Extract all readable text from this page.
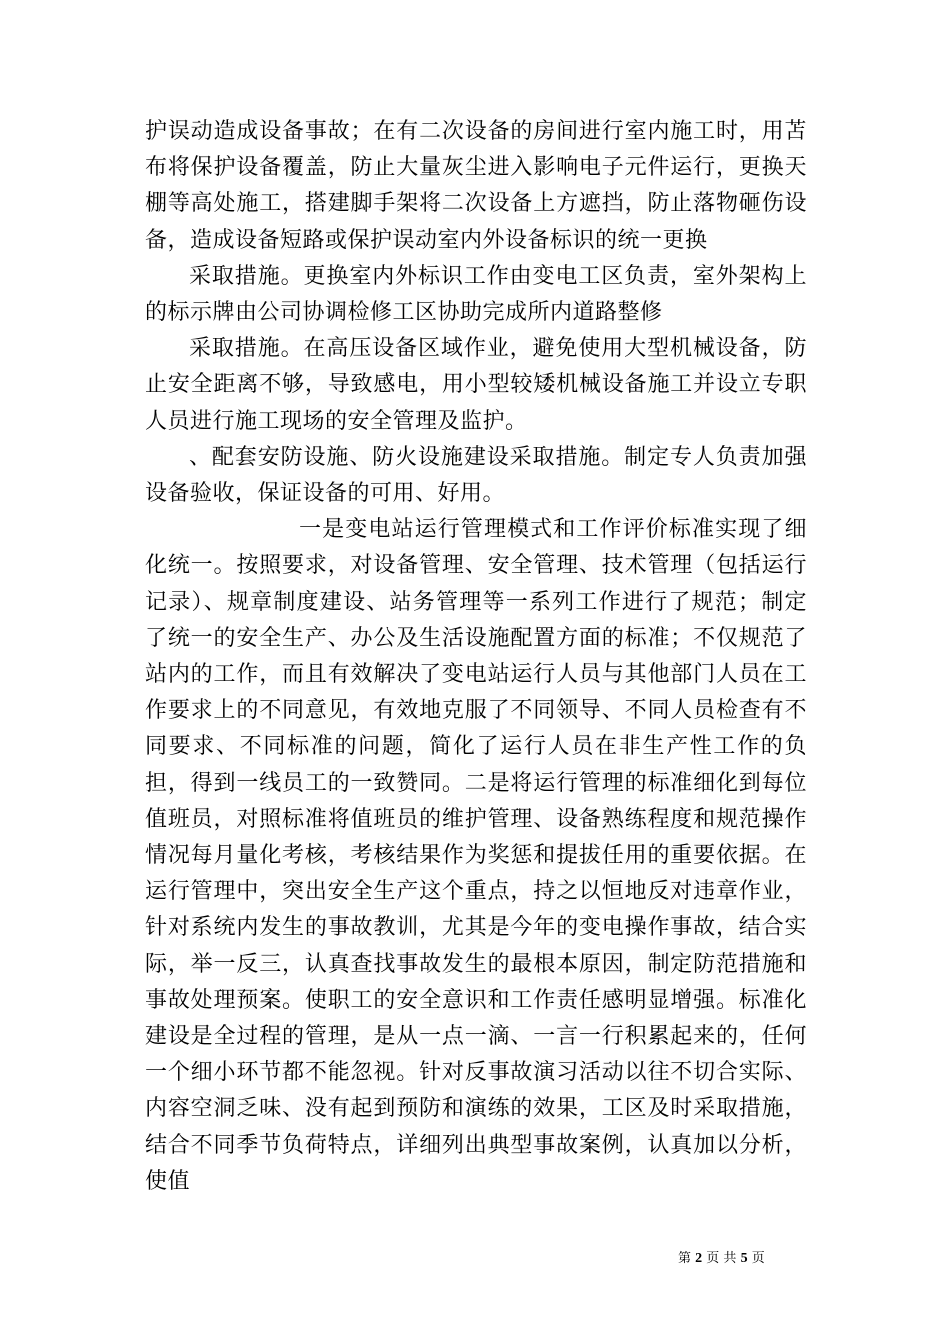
护误动造成设备事故；在有二次设备的房间进行室内施工时，用苫布将保护设备覆盖，防止大量灰尘进入影响电子元件运行，更换天棚等高处施工，搭建脚手架将二次设备上方遮挡，防止落物砸伤设备，造成设备短路或保护误动室内外设备标识的统一更换

采取措施。更换室内外标识工作由变电工区负责，室外架构上的标示牌由公司协调检修工区协助完成所内道路整修

采取措施。在高压设备区域作业，避免使用大型机械设备，防止安全距离不够，导致感电，用小型较矮机械设备施工并设立专职人员进行施工现场的安全管理及监护。

、配套安防设施、防火设施建设采取措施。制定专人负责加强设备验收，保证设备的可用、好用。

一是变电站运行管理模式和工作评价标准实现了细化统一。按照要求，对设备管理、安全管理、技术管理（包括运行记录）、规章制度建设、站务管理等一系列工作进行了规范；制定了统一的安全生产、办公及生活设施配置方面的标准；不仅规范了站内的工作，而且有效解决了变电站运行人员与其他部门人员在工作要求上的不同意见，有效地克服了不同领导、不同人员检查有不同要求、不同标准的问题，简化了运行人员在非生产性工作的负担，得到一线员工的一致赞同。二是将运行管理的标准细化到每位值班员，对照标准将值班员的维护管理、设备熟练程度和规范操作情况每月量化考核，考核结果作为奖惩和提拔任用的重要依据。在运行管理中，突出安全生产这个重点，持之以恒地反对违章作业，针对系统内发生的事故教训，尤其是今年的变电操作事故，结合实际，举一反三，认真查找事故发生的最根本原因，制定防范措施和事故处理预案。使职工的安全意识和工作责任感明显增强。标准化建设是全过程的管理，是从一点一滴、一言一行积累起来的，任何一个细小环节都不能忽视。针对反事故演习活动以往不切合实际、内容空洞乏味、没有起到预防和演练的效果，工区及时采取措施，结合不同季节负荷特点，详细列出典型事故案例，认真加以分析，使值

第 2 页 共 5 页
